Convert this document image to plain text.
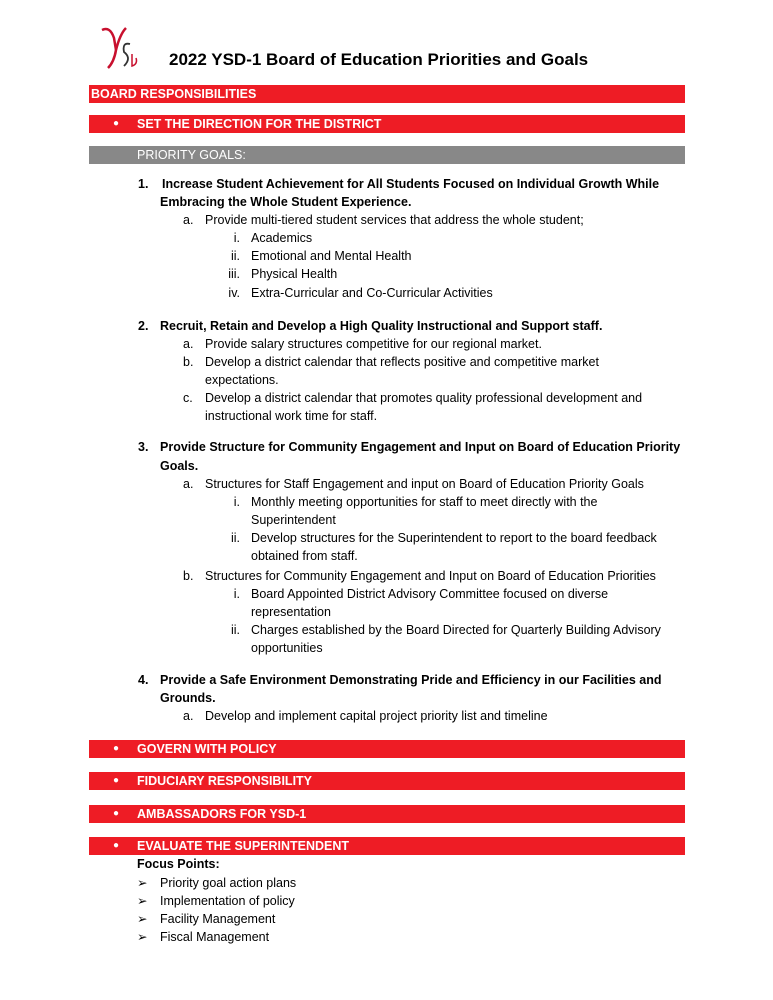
2022 YSD-1 Board of Education Priorities and Goals
BOARD RESPONSIBILITIES
● SET THE DIRECTION FOR THE DISTRICT
PRIORITY GOALS:
1. Increase Student Achievement for All Students Focused on Individual Growth While
Embracing the Whole Student Experience.
a. Provide multi-tiered student services that address the whole student;
i. Academics
ii. Emotional and Mental Health
iii. Physical Health
iv. Extra-Curricular and Co-Curricular Activities
2. Recruit, Retain and Develop a High Quality Instructional and Support staff.
a. Provide salary structures competitive for our regional market.
b. Develop a district calendar that reflects positive and competitive market
expectations.
c. Develop a district calendar that promotes quality professional development and
instructional work time for staff.
3. Provide Structure for Community Engagement and Input on Board of Education Priority
Goals.
a. Structures for Staff Engagement and input on Board of Education Priority Goals
i. Monthly meeting opportunities for staff to meet directly with the
Superintendent
ii. Develop structures for the Superintendent to report to the board feedback
obtained from staff.
b. Structures for Community Engagement and Input on Board of Education Priorities
i. Board Appointed District Advisory Committee focused on diverse
representation
ii. Charges established by the Board Directed for Quarterly Building Advisory
opportunities
4. Provide a Safe Environment Demonstrating Pride and Efficiency in our Facilities and
Grounds.
a. Develop and implement capital project priority list and timeline
● GOVERN WITH POLICY
● FIDUCIARY RESPONSIBILITY
● AMBASSADORS FOR YSD-1
● EVALUATE THE SUPERINTENDENT
Focus Points:
➢ Priority goal action plans
➢ Implementation of policy
➢ Facility Management
➢ Fiscal Management
